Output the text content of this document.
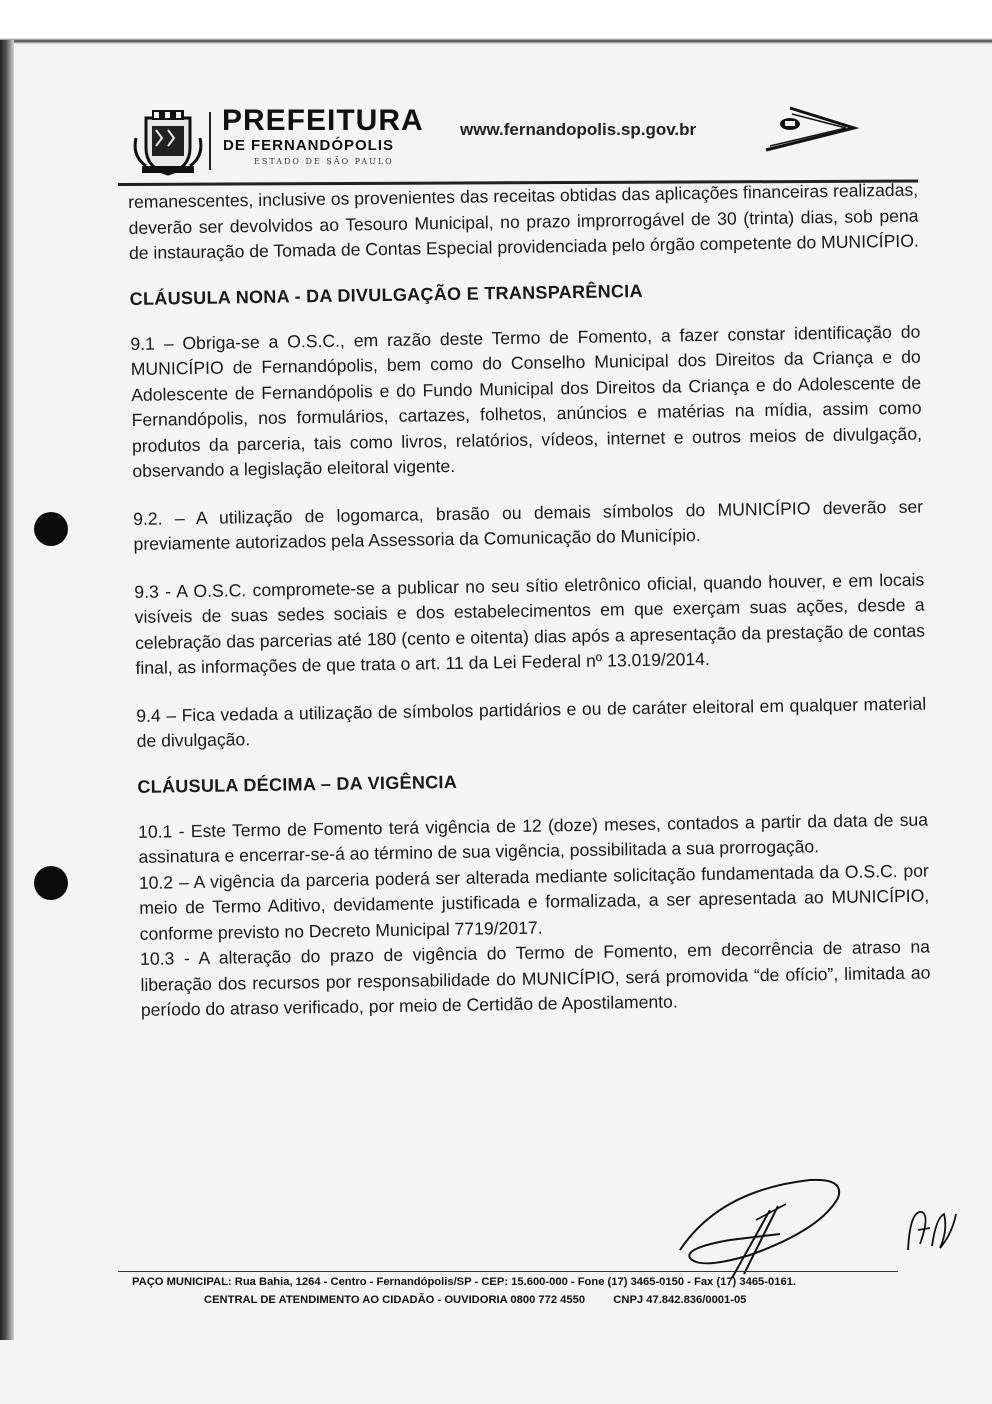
PREFEITURA
DE FERNANDÓPOLIS
ESTADO DE SÃO PAULO
www.fernandopolis.sp.gov.br

remanescentes, inclusive os provenientes das receitas obtidas das aplicações financeiras realizadas, deverão ser devolvidos ao Tesouro Municipal, no prazo improrrogável de 30 (trinta) dias, sob pena de instauração de Tomada de Contas Especial providenciada pelo órgão competente do MUNICÍPIO.

CLÁUSULA NONA - DA DIVULGAÇÃO E TRANSPARÊNCIA

9.1 – Obriga-se a O.S.C., em razão deste Termo de Fomento, a fazer constar identificação do MUNICÍPIO de Fernandópolis, bem como do Conselho Municipal dos Direitos da Criança e do Adolescente de Fernandópolis e do Fundo Municipal dos Direitos da Criança e do Adolescente de Fernandópolis, nos formulários, cartazes, folhetos, anúncios e matérias na mídia, assim como produtos da parceria, tais como livros, relatórios, vídeos, internet e outros meios de divulgação, observando a legislação eleitoral vigente.

9.2. – A utilização de logomarca, brasão ou demais símbolos do MUNICÍPIO deverão ser previamente autorizados pela Assessoria da Comunicação do Município.

9.3 - A O.S.C. compromete-se a publicar no seu sítio eletrônico oficial, quando houver, e em locais visíveis de suas sedes sociais e dos estabelecimentos em que exerçam suas ações, desde a celebração das parcerias até 180 (cento e oitenta) dias após a apresentação da prestação de contas final, as informações de que trata o art. 11 da Lei Federal nº 13.019/2014.

9.4 – Fica vedada a utilização de símbolos partidários e ou de caráter eleitoral em qualquer material de divulgação.

CLÁUSULA DÉCIMA – DA VIGÊNCIA

10.1 - Este Termo de Fomento terá vigência de 12 (doze) meses, contados a partir da data de sua assinatura e encerrar-se-á ao término de sua vigência, possibilitada a sua prorrogação.

10.2 – A vigência da parceria poderá ser alterada mediante solicitação fundamentada da O.S.C. por meio de Termo Aditivo, devidamente justificada e formalizada, a ser apresentada ao MUNICÍPIO, conforme previsto no Decreto Municipal 7719/2017.

10.3 - A alteração do prazo de vigência do Termo de Fomento, em decorrência de atraso na liberação dos recursos por responsabilidade do MUNICÍPIO, será promovida “de ofício”, limitada ao período do atraso verificado, por meio de Certidão de Apostilamento.

PAÇO MUNICIPAL: Rua Bahia, 1264 - Centro - Fernandópolis/SP - CEP: 15.600-000 - Fone (17) 3465-0150 - Fax (17) 3465-0161.
CENTRAL DE ATENDIMENTO AO CIDADÃO - OUVIDORIA 0800 772 4550	CNPJ 47.842.836/0001-05
